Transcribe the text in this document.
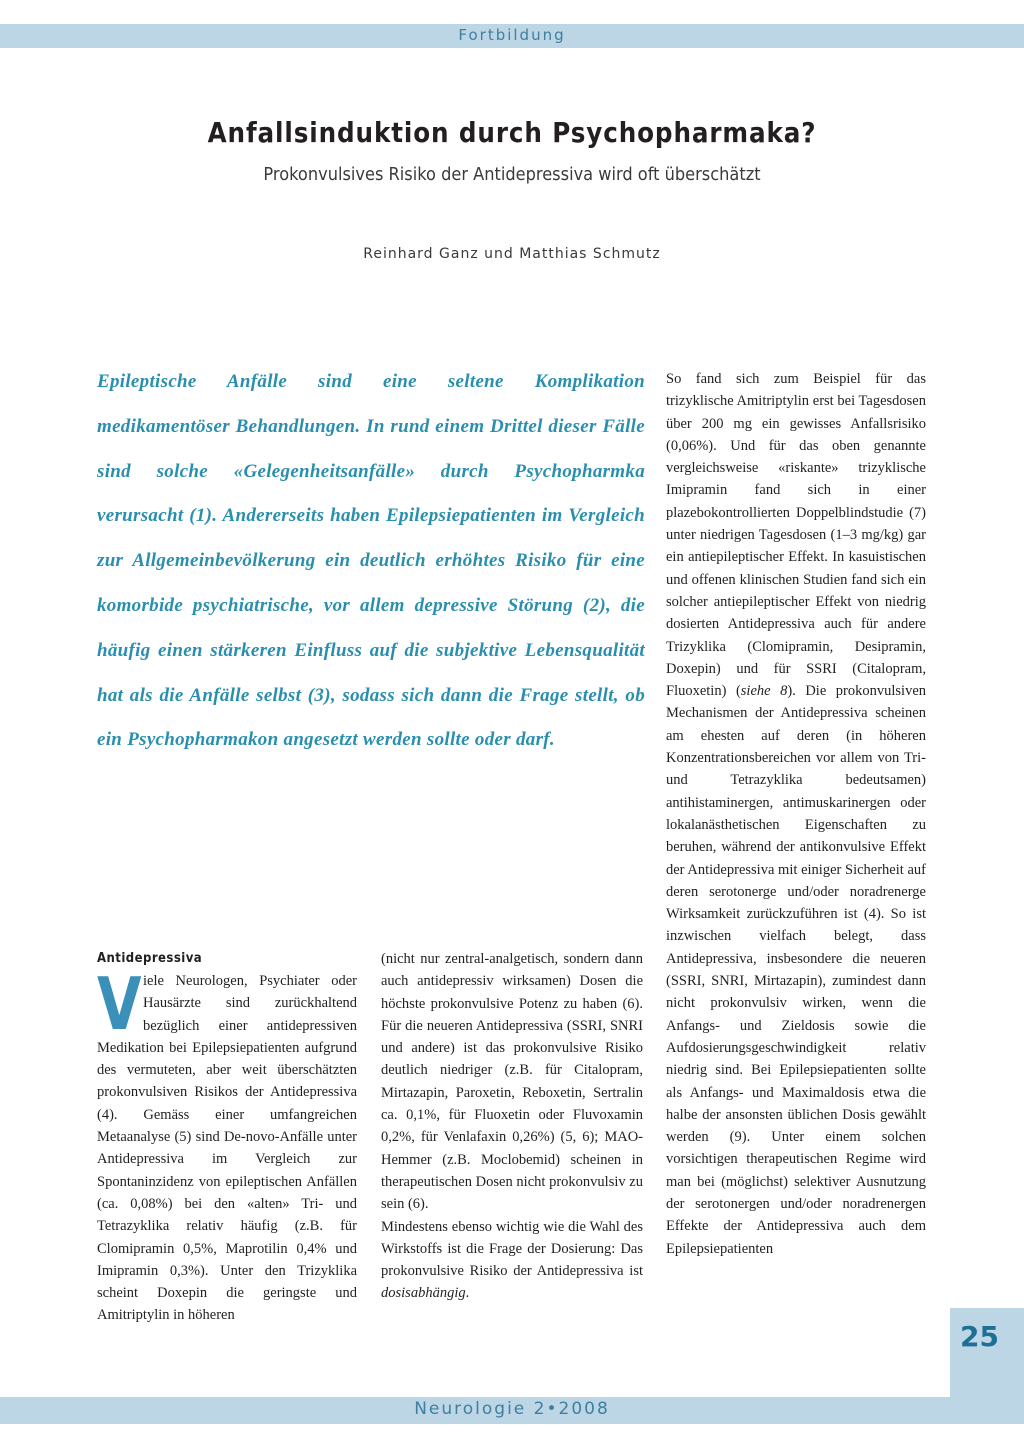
Fortbildung
Anfallsinduktion durch Psychopharmaka?
Prokonvulsives Risiko der Antidepressiva wird oft überschätzt
Reinhard Ganz und Matthias Schmutz
Epileptische Anfälle sind eine seltene Komplikation medikamentöser Behandlungen. In rund einem Drittel dieser Fälle sind solche «Gelegenheitsanfälle» durch Psychopharmka verursacht (1). Andererseits haben Epilepsiepatienten im Vergleich zur Allgemeinbevölkerung ein deutlich erhöhtes Risiko für eine komorbide psychiatrische, vor allem depressive Störung (2), die häufig einen stärkeren Einfluss auf die subjektive Lebensqualität hat als die Anfälle selbst (3), sodass sich dann die Frage stellt, ob ein Psychopharmakon angesetzt werden sollte oder darf.
Antidepressiva

Viele Neurologen, Psychiater oder Hausärzte sind zurückhaltend bezüglich einer antidepressiven Medikation bei Epilepsiepatienten aufgrund des vermuteten, aber weit überschätzten prokonvulsiven Risikos der Antidepressiva (4). Gemäss einer umfangreichen Metaanalyse (5) sind De-novo-Anfälle unter Antidepressiva im Vergleich zur Spontaninzidenz von epileptischen Anfällen (ca. 0,08%) bei den «alten» Tri- und Tetrazyklika relativ häufig (z.B. für Clomipramin 0,5%, Maprotilin 0,4% und Imipramin 0,3%). Unter den Trizyklika scheint Doxepin die geringste und Amitriptylin in höheren

(nicht nur zentral-analgetisch, sondern dann auch antidepressiv wirksamen) Dosen die höchste prokonvulsive Potenz zu haben (6). Für die neueren Antidepressiva (SSRI, SNRI und andere) ist das prokonvulsive Risiko deutlich niedriger (z.B. für Citalopram, Mirtazapin, Paroxetin, Reboxetin, Sertralin ca. 0,1%, für Fluoxetin oder Fluvoxamin 0,2%, für Venlafaxin 0,26%) (5, 6); MAO-Hemmer (z.B. Moclobemid) scheinen in therapeutischen Dosen nicht prokonvulsiv zu sein (6).

Mindestens ebenso wichtig wie die Wahl des Wirkstoffs ist die Frage der Dosierung: Das prokonvulsive Risiko der Antidepressiva ist dosisabhängig.

So fand sich zum Beispiel für das trizyklische Amitriptylin erst bei Tagesdosen über 200 mg ein gewisses Anfallsrisiko (0,06%). Und für das oben genannte vergleichsweise «riskante» trizyklische Imipramin fand sich in einer plazebokontrollierten Doppelblindstudie (7) unter niedrigen Tagesdosen (1–3 mg/kg) gar ein antiepileptischer Effekt. In kasuistischen und offenen klinischen Studien fand sich ein solcher antiepileptischer Effekt von niedrig dosierten Antidepressiva auch für andere Trizyklika (Clomipramin, Desipramin, Doxepin) und für SSRI (Citalopram, Fluoxetin) (siehe 8). Die prokonvulsiven Mechanismen der Antidepressiva scheinen am ehesten auf deren (in höheren Konzentrationsbereichen vor allem von Tri- und Tetrazyklika bedeutsamen) antihistaminergen, antimuskarinergen oder lokalanästhetischen Eigenschaften zu beruhen, während der antikonvulsive Effekt der Antidepressiva mit einiger Sicherheit auf deren serotonerge und/oder noradrenerge Wirksamkeit zurückzuführen ist (4). So ist inzwischen vielfach belegt, dass Antidepressiva, insbesondere die neueren (SSRI, SNRI, Mirtazapin), zumindest dann nicht prokonvulsiv wirken, wenn die Anfangs- und Zieldosis sowie die Aufdosierungsgeschwindigkeit relativ niedrig sind. Bei Epilepsiepatienten sollte als Anfangs- und Maximaldosis etwa die halbe der ansonsten üblichen Dosis gewählt werden (9). Unter einem solchen vorsichtigen therapeutischen Regime wird man bei (möglichst) selektiver Ausnutzung der serotonergen und/oder noradrenergen Effekte der Antidepressiva auch dem Epilepsiepatienten

25
Neurologie 2•2008
